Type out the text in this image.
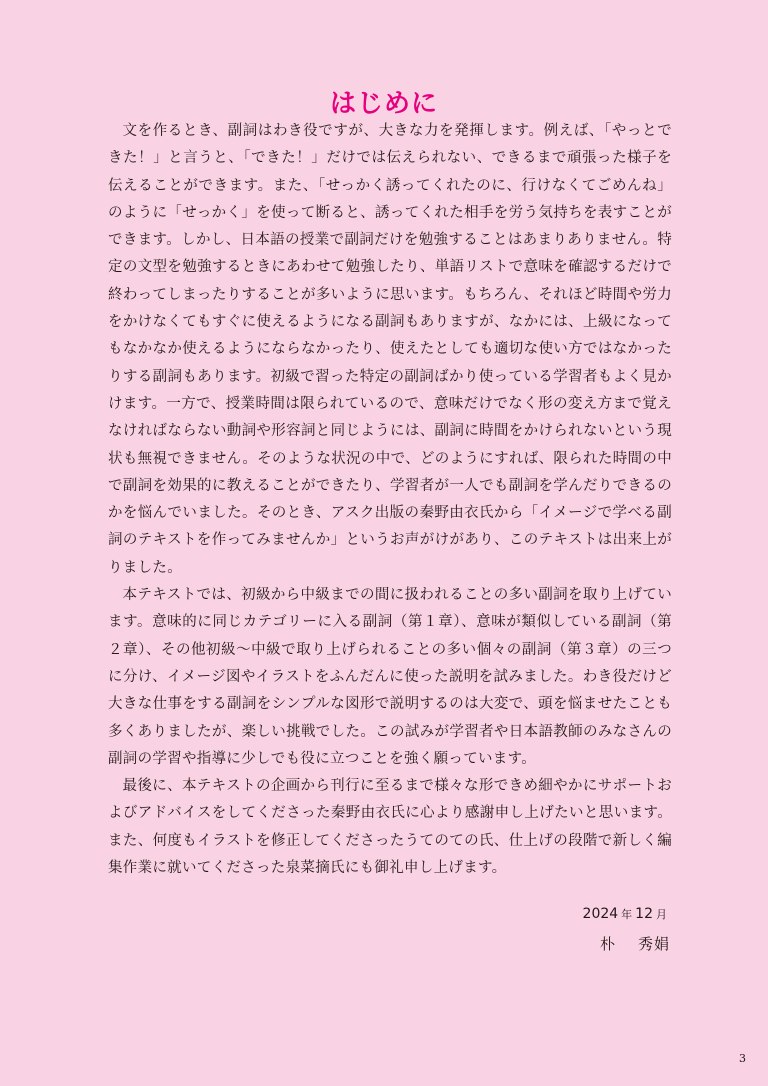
はじめに

文を作るとき、副詞はわき役ですが、大きな力を発揮します。例えば、「やっとできた！」と言うと、「できた！」だけでは伝えられない、できるまで頑張った様子を伝えることができます。また、「せっかく誘ってくれたのに、行けなくてごめんね」のように「せっかく」を使って断ると、誘ってくれた相手を労う気持ちを表すことができます。しかし、日本語の授業で副詞だけを勉強することはあまりありません。特定の文型を勉強するときにあわせて勉強したり、単語リストで意味を確認するだけで終わってしまったりすることが多いように思います。もちろん、それほど時間や労力をかけなくてもすぐに使えるようになる副詞もありますが、なかには、上級になってもなかなか使えるようにならなかったり、使えたとしても適切な使い方ではなかったりする副詞もあります。初級で習った特定の副詞ばかり使っている学習者もよく見かけます。一方で、授業時間は限られているので、意味だけでなく形の変え方まで覚えなければならない動詞や形容詞と同じようには、副詞に時間をかけられないという現状も無視できません。そのような状況の中で、どのようにすれば、限られた時間の中で副詞を効果的に教えることができたり、学習者が一人でも副詞を学んだりできるのかを悩んでいました。そのとき、アスク出版の秦野由衣氏から「イメージで学べる副詞のテキストを作ってみませんか」というお声がけがあり、このテキストは出来上がりました。

本テキストでは、初級から中級までの間に扱われることの多い副詞を取り上げています。意味的に同じカテゴリーに入る副詞（第１章）、意味が類似している副詞（第２章）、その他初級～中級で取り上げられることの多い個々の副詞（第３章）の三つに分け、イメージ図やイラストをふんだんに使った説明を試みました。わき役だけど大きな仕事をする副詞をシンプルな図形で説明するのは大変で、頭を悩ませたことも多くありましたが、楽しい挑戦でした。この試みが学習者や日本語教師のみなさんの副詞の学習や指導に少しでも役に立つことを強く願っています。

最後に、本テキストの企画から刊行に至るまで様々な形できめ細やかにサポートおよびアドバイスをしてくださった秦野由衣氏に心より感謝申し上げたいと思います。また、何度もイラストを修正してくださったうてのての氏、仕上げの段階で新しく編集作業に就いてくださった泉菜摘氏にも御礼申し上げます。

2024 年 12 月
朴 秀娟
3
